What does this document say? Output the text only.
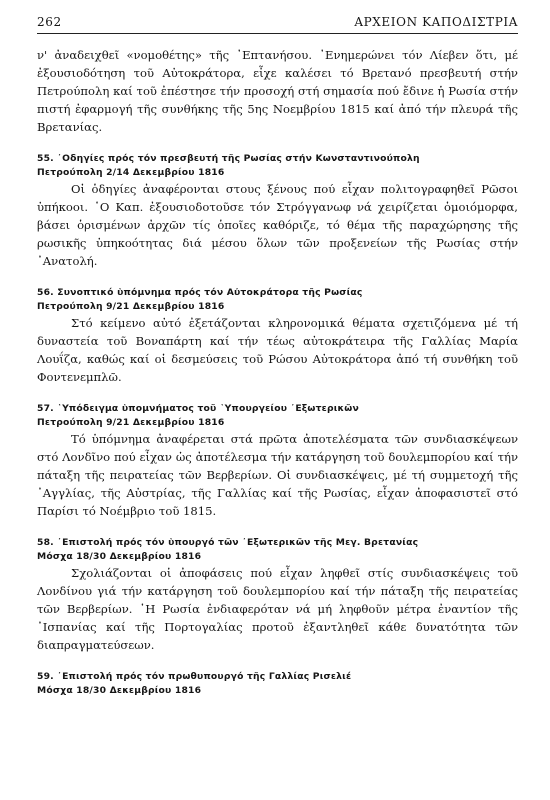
262	ΑΡΧΕΙΟΝ ΚΑΠΟΔΙΣΤΡΙΑ

ν' ἀναδειχθεῖ «νομοθέτης» τῆς ᾿Επτανήσου. ᾿Ενημερώνει τόν Λίεβεν ὅτι, μέ ἐξουσιοδότηση τοῦ Αὐτοκράτορα, εἶχε καλέσει τό Βρετανό πρεσβευτή στήν Πετρούπολη καί τοῦ ἐπέστησε τήν προσοχή στή σημασία πού ἔδινε ἡ Ρωσία στήν πιστή ἐφαρμογή τῆς συνθήκης τῆς 5ης Νοεμβρίου 1815 καί ἀπό τήν πλευρά τῆς Βρετανίας.

55. ᾿Οδηγίες πρός τόν πρεσβευτή τῆς Ρωσίας στήν Κωνσταντινούπολη

Πετρούπολη 2/14 Δεκεμβρίου 1816

Οἱ ὁδηγίες ἀναφέρονται στους ξένους πού εἶχαν πολιτογραφηθεῖ Ρῶσοι ὑπήκοοι. ῾Ο Καπ. ἐξουσιοδοτοῦσε τόν Στρόγγανωφ νά χειρίζεται ὁμοιόμορφα, βάσει ὁρισμένων ἀρχῶν τίς ὁποῖες καθόριζε, τό θέμα τῆς παραχώρησης τῆς ρωσικῆς ὑπηκοότητας διά μέσου ὅλων τῶν προξενείων τῆς Ρωσίας στήν ᾿Ανατολή.

56. Συνοπτικό ὑπόμνημα πρός τόν Αὐτοκράτορα τῆς Ρωσίας

Πετρούπολη 9/21 Δεκεμβρίου 1816

Στό κείμενο αὐτό ἐξετάζονται κληρονομικά θέματα σχετιζόμενα μέ τή δυναστεία τοῦ Βοναπάρτη καί τήν τέως αὐτοκράτειρα τῆς Γαλλίας Μαρία Λουΐζα, καθώς καί οἱ δεσμεύσεις τοῦ Ρώσου Αὐτοκράτορα ἀπό τή συνθήκη τοῦ Φοντενεμπλῶ.

57. ῾Υπόδειγμα ὑπομνήματος τοῦ ῾Υπουργείου ᾿Εξωτερικῶν

Πετρούπολη 9/21 Δεκεμβρίου 1816

Τό ὑπόμνημα ἀναφέρεται στά πρῶτα ἀποτελέσματα τῶν συνδιασκέψεων στό Λονδῖνο πού εἶχαν ὡς ἀποτέλεσμα τήν κατάργηση τοῦ δουλεμπορίου καί τήν πάταξη τῆς πειρατείας τῶν Βερβερίων. Οἱ συνδιασκέψεις, μέ τή συμμετοχή τῆς ᾿Αγγλίας, τῆς Αὐστρίας, τῆς Γαλλίας καί τῆς Ρωσίας, εἶχαν ἀποφασιστεῖ στό Παρίσι τό Νοέμβριο τοῦ 1815.

58. ᾿Επιστολή πρός τόν ὑπουργό τῶν ᾿Εξωτερικῶν τῆς Μεγ. Βρετανίας

Μόσχα 18/30 Δεκεμβρίου 1816

Σχολιάζονται οἱ ἀποφάσεις πού εἶχαν ληφθεῖ στίς συνδιασκέψεις τοῦ Λονδίνου γιά τήν κατάργηση τοῦ δουλεμπορίου καί τήν πάταξη τῆς πειρατείας τῶν Βερβερίων. ῾Η Ρωσία ἐνδιαφερόταν νά μή ληφθοῦν μέτρα ἐναντίον τῆς ᾿Ισπανίας καί τῆς Πορτογαλίας προτοῦ ἐξαντληθεῖ κάθε δυνατότητα τῶν διαπραγματεύσεων.

59. ᾿Επιστολή πρός τόν πρωθυπουργό τῆς Γαλλίας Ρισελιέ

Μόσχα 18/30 Δεκεμβρίου 1816
